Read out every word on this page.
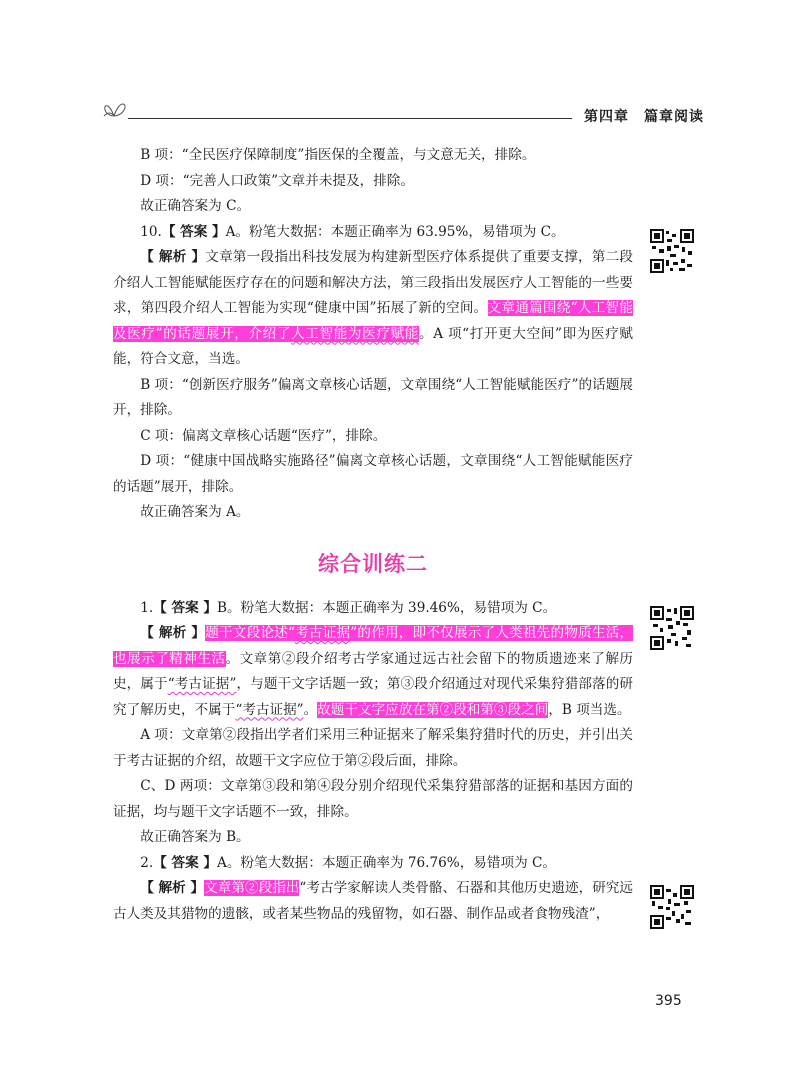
第四章　篇章阅读

B 项：“全民医疗保障制度”指医保的全覆盖，与文意无关，排除。

D 项：“完善人口政策”文章并未提及，排除。

故正确答案为 C。

10.【 答案 】A。粉笔大数据：本题正确率为 63.95%，易错项为 C。

【 解析 】文章第一段指出科技发展为构建新型医疗体系提供了重要支撑，第二段介绍人工智能赋能医疗存在的问题和解决方法，第三段指出发展医疗人工智能的一些要求，第四段介绍人工智能为实现“健康中国”拓展了新的空间。文章通篇围绕“人工智能及医疗”的话题展开，介绍了人工智能为医疗赋能。A 项“打开更大空间”即为医疗赋能，符合文意，当选。

B 项：“创新医疗服务”偏离文章核心话题，文章围绕“人工智能赋能医疗”的话题展开，排除。

C 项：偏离文章核心话题“医疗”，排除。

D 项：“健康中国战略实施路径”偏离文章核心话题，文章围绕“人工智能赋能医疗的话题”展开，排除。

故正确答案为 A。

综合训练二

1.【 答案 】B。粉笔大数据：本题正确率为 39.46%，易错项为 C。

【 解析 】题干文段论述“考古证据”的作用，即不仅展示了人类祖先的物质生活，也展示了精神生活。文章第②段介绍考古学家通过远古社会留下的物质遗迹来了解历史，属于“考古证据”，与题干文字话题一致；第③段介绍通过对现代采集狩猎部落的研究了解历史，不属于“考古证据”。故题干文字应放在第②段和第③段之间，B 项当选。

A 项：文章第②段指出学者们采用三种证据来了解采集狩猎时代的历史，并引出关于考古证据的介绍，故题干文字应位于第②段后面，排除。

C、D 两项：文章第③段和第④段分别介绍现代采集狩猎部落的证据和基因方面的证据，均与题干文字话题不一致，排除。

故正确答案为 B。

2.【 答案 】A。粉笔大数据：本题正确率为 76.76%，易错项为 C。

【 解析 】文章第②段指出“考古学家解读人类骨骼、石器和其他历史遗迹，研究远古人类及其猎物的遗骸，或者某些物品的残留物，如石器、制作品或者食物残渣”，

395
